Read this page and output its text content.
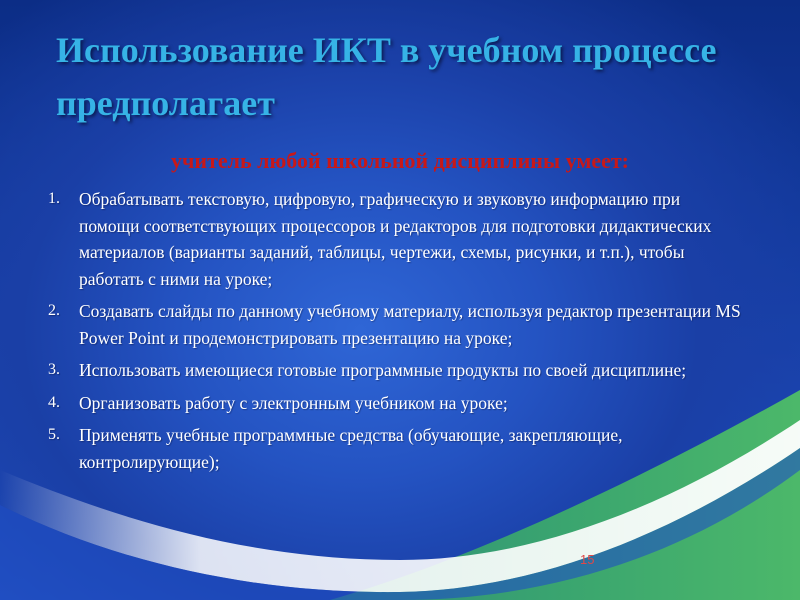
Использование ИКТ в учебном процессе предполагает

учитель любой школьной дисциплины умеет:

1. Обрабатывать текстовую, цифровую, графическую и звуковую информацию при помощи соответствующих процессоров и редакторов для подготовки дидактических материалов (варианты заданий, таблицы, чертежи, схемы, рисунки, и т.п.), чтобы работать с ними на уроке;
2. Создавать слайды по данному учебному материалу, используя редактор презентации MS Power Point и продемонстрировать презентацию на уроке;
3. Использовать имеющиеся готовые программные продукты по своей дисциплине;
4. Организовать работу с электронным учебником на уроке;
5. Применять учебные программные средства (обучающие, закрепляющие, контролирующие);
15
